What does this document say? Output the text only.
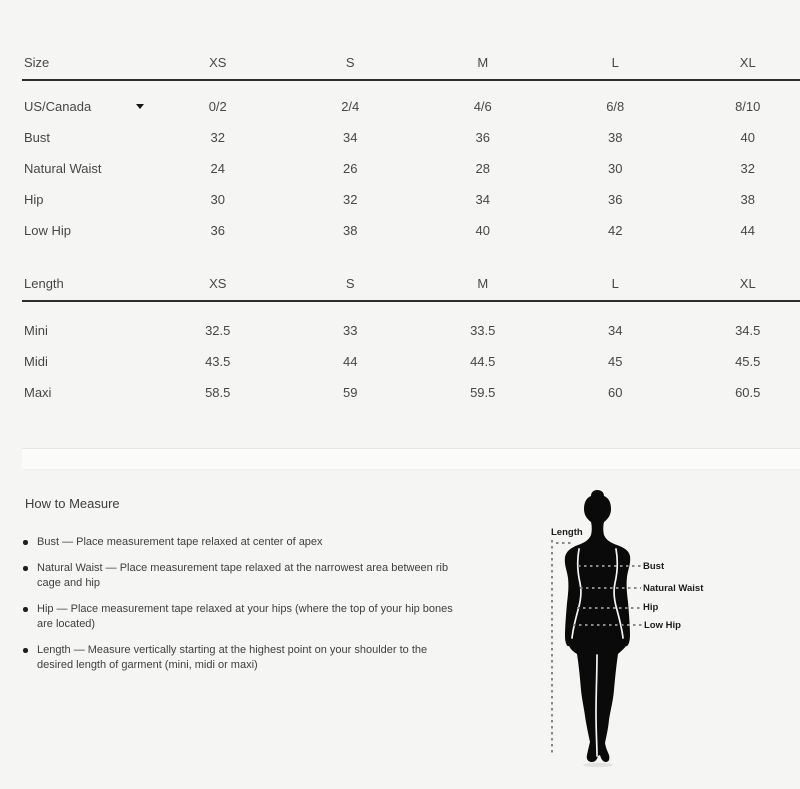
Size	XS	S	M	L	XL

US/Canada	0/2	2/4	4/6	6/8	8/10
Bust	32	34	36	38	40
Natural Waist	24	26	28	30	32
Hip	30	32	34	36	38
Low Hip	36	38	40	42	44
Length	XS	S	M	L	XL

Mini	32.5	33	33.5	34	34.5
Midi	43.5	44	44.5	45	45.5
Maxi	58.5	59	59.5	60	60.5
How to Measure
Bust — Place measurement tape relaxed at center of apex
Natural Waist — Place measurement tape relaxed at the narrowest area between rib cage and hip
Hip — Place measurement tape relaxed at your hips (where the top of your hip bones are located)
Length — Measure vertically starting at the highest point on your shoulder to the desired length of garment (mini, midi or maxi)
Length
Bust
Natural Waist
Hip
Low Hip
